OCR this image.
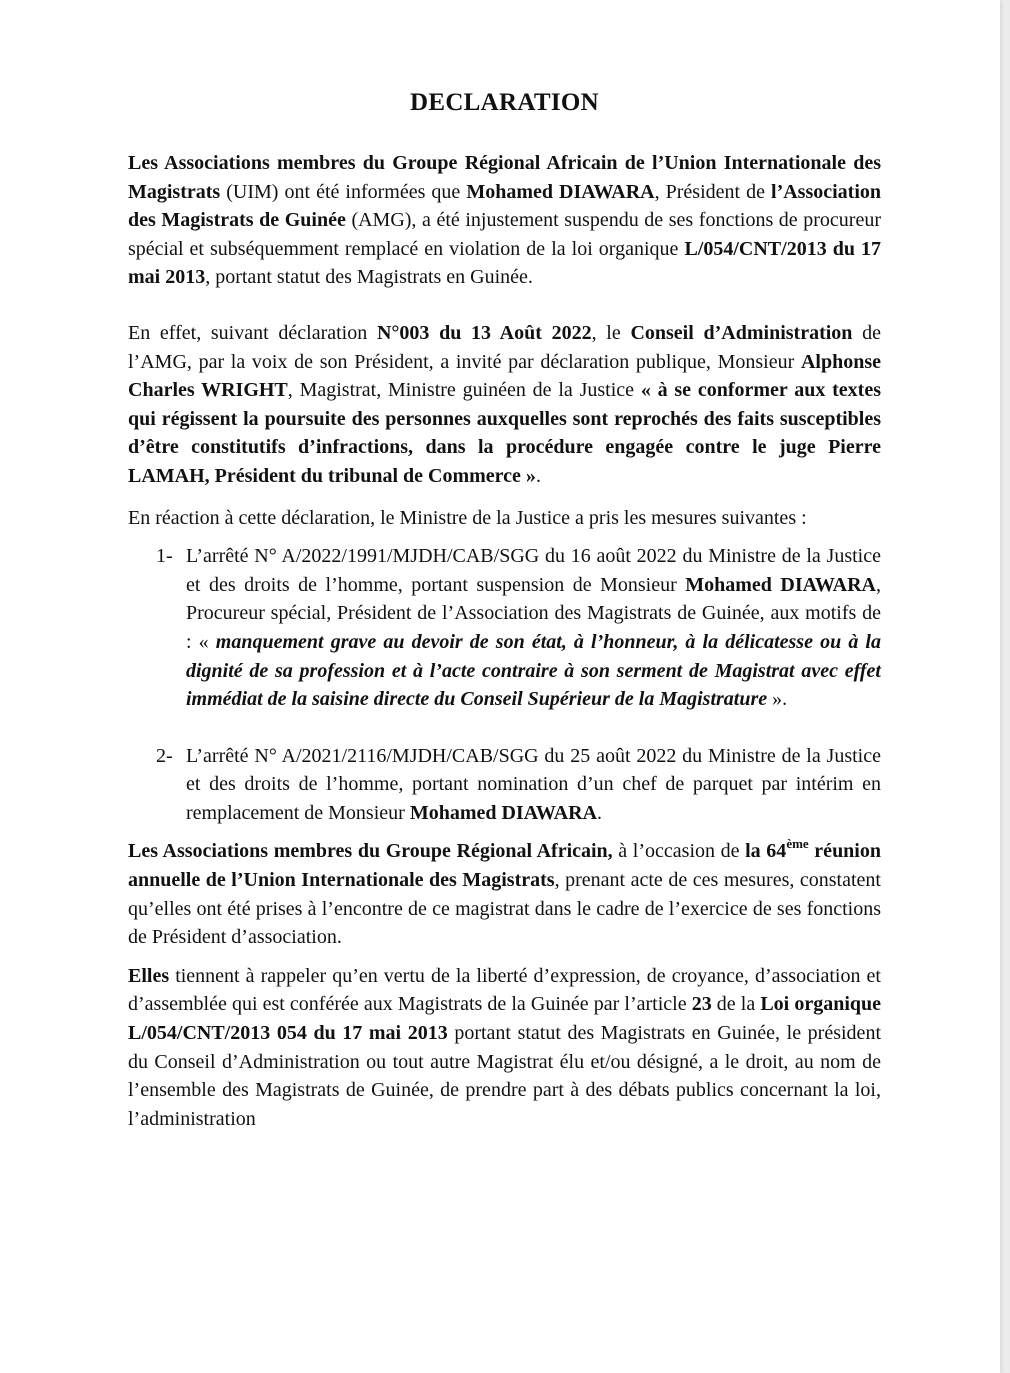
DECLARATION

Les Associations membres du Groupe Régional Africain de l’Union Internationale des Magistrats (UIM) ont été informées que Mohamed DIAWARA, Président de l’Association des Magistrats de Guinée (AMG), a été injustement suspendu de ses fonctions de procureur spécial et subséquemment remplacé en violation de la loi organique L/054/CNT/2013 du 17 mai 2013, portant statut des Magistrats en Guinée.

En effet, suivant déclaration N°003 du 13 Août 2022, le Conseil d’Administration de l’AMG, par la voix de son Président, a invité par déclaration publique, Monsieur Alphonse Charles WRIGHT, Magistrat, Ministre guinéen de la Justice « à se conformer aux textes qui régissent la poursuite des personnes auxquelles sont reprochés des faits susceptibles d’être constitutifs d’infractions, dans la procédure engagée contre le juge Pierre LAMAH, Président du tribunal de Commerce ».

En réaction à cette déclaration, le Ministre de la Justice a pris les mesures suivantes :

1- L’arrêté N° A/2022/1991/MJDH/CAB/SGG du 16 août 2022 du Ministre de la Justice et des droits de l’homme, portant suspension de Monsieur Mohamed DIAWARA, Procureur spécial, Président de l’Association des Magistrats de Guinée, aux motifs de : « manquement grave au devoir de son état, à l’honneur, à la délicatesse ou à la dignité de sa profession et à l’acte contraire à son serment de Magistrat avec effet immédiat de la saisine directe du Conseil Supérieur de la Magistrature ».
2- L’arrêté N° A/2021/2116/MJDH/CAB/SGG du 25 août 2022 du Ministre de la Justice et des droits de l’homme, portant nomination d’un chef de parquet par intérim en remplacement de Monsieur Mohamed DIAWARA.

Les Associations membres du Groupe Régional Africain, à l’occasion de la 64ème réunion annuelle de l’Union Internationale des Magistrats, prenant acte de ces mesures, constatent qu’elles ont été prises à l’encontre de ce magistrat dans le cadre de l’exercice de ses fonctions de Président d’association.

Elles tiennent à rappeler qu’en vertu de la liberté d’expression, de croyance, d’association et d’assemblée qui est conférée aux Magistrats de la Guinée par l’article 23 de la Loi organique L/054/CNT/2013 054 du 17 mai 2013 portant statut des Magistrats en Guinée, le président du Conseil d’Administration ou tout autre Magistrat élu et/ou désigné, a le droit, au nom de l’ensemble des Magistrats de Guinée, de prendre part à des débats publics concernant la loi, l’administration
